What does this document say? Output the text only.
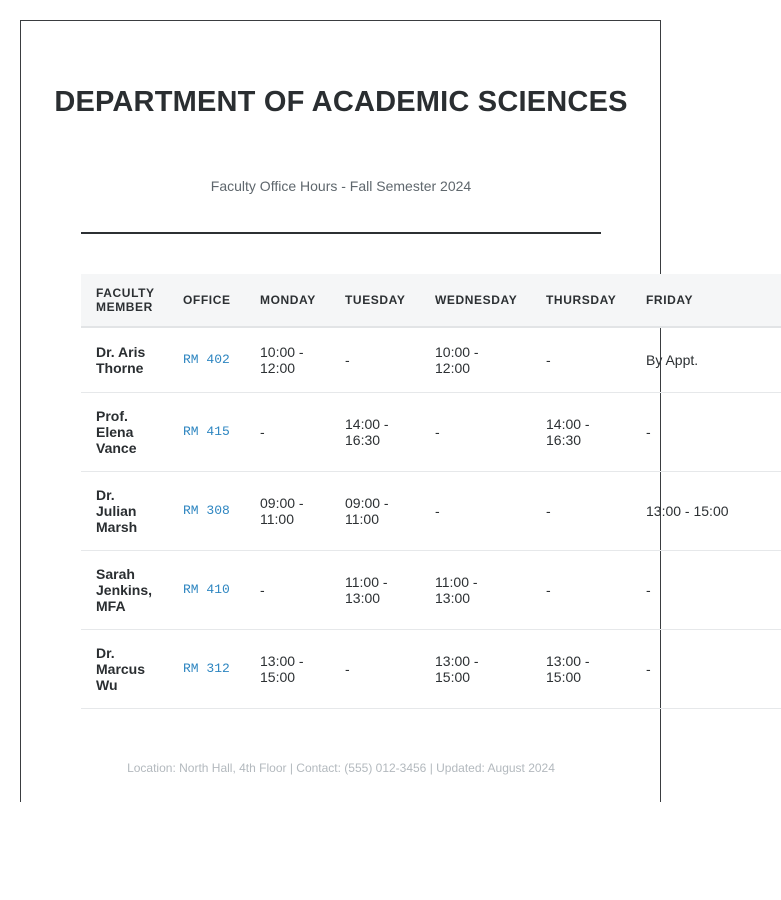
DEPARTMENT OF ACADEMIC SCIENCES

Faculty Office Hours - Fall Semester 2024

FACULTY MEMBER	OFFICE	MONDAY	TUESDAY	WEDNESDAY	THURSDAY	FRIDAY
Dr. Aris Thorne	RM 402	10:00 - 12:00	-	10:00 - 12:00	-	By Appt.
Prof. Elena Vance	RM 415	-	14:00 - 16:30	-	14:00 - 16:30	-
Dr. Julian Marsh	RM 308	09:00 - 11:00	09:00 - 11:00	-	-	13:00 - 15:00
Sarah Jenkins, MFA	RM 410	-	11:00 - 13:00	11:00 - 13:00	-	-
Dr. Marcus Wu	RM 312	13:00 - 15:00	-	13:00 - 15:00	13:00 - 15:00	-
Location: North Hall, 4th Floor | Contact: (555) 012-3456 | Updated: August 2024
